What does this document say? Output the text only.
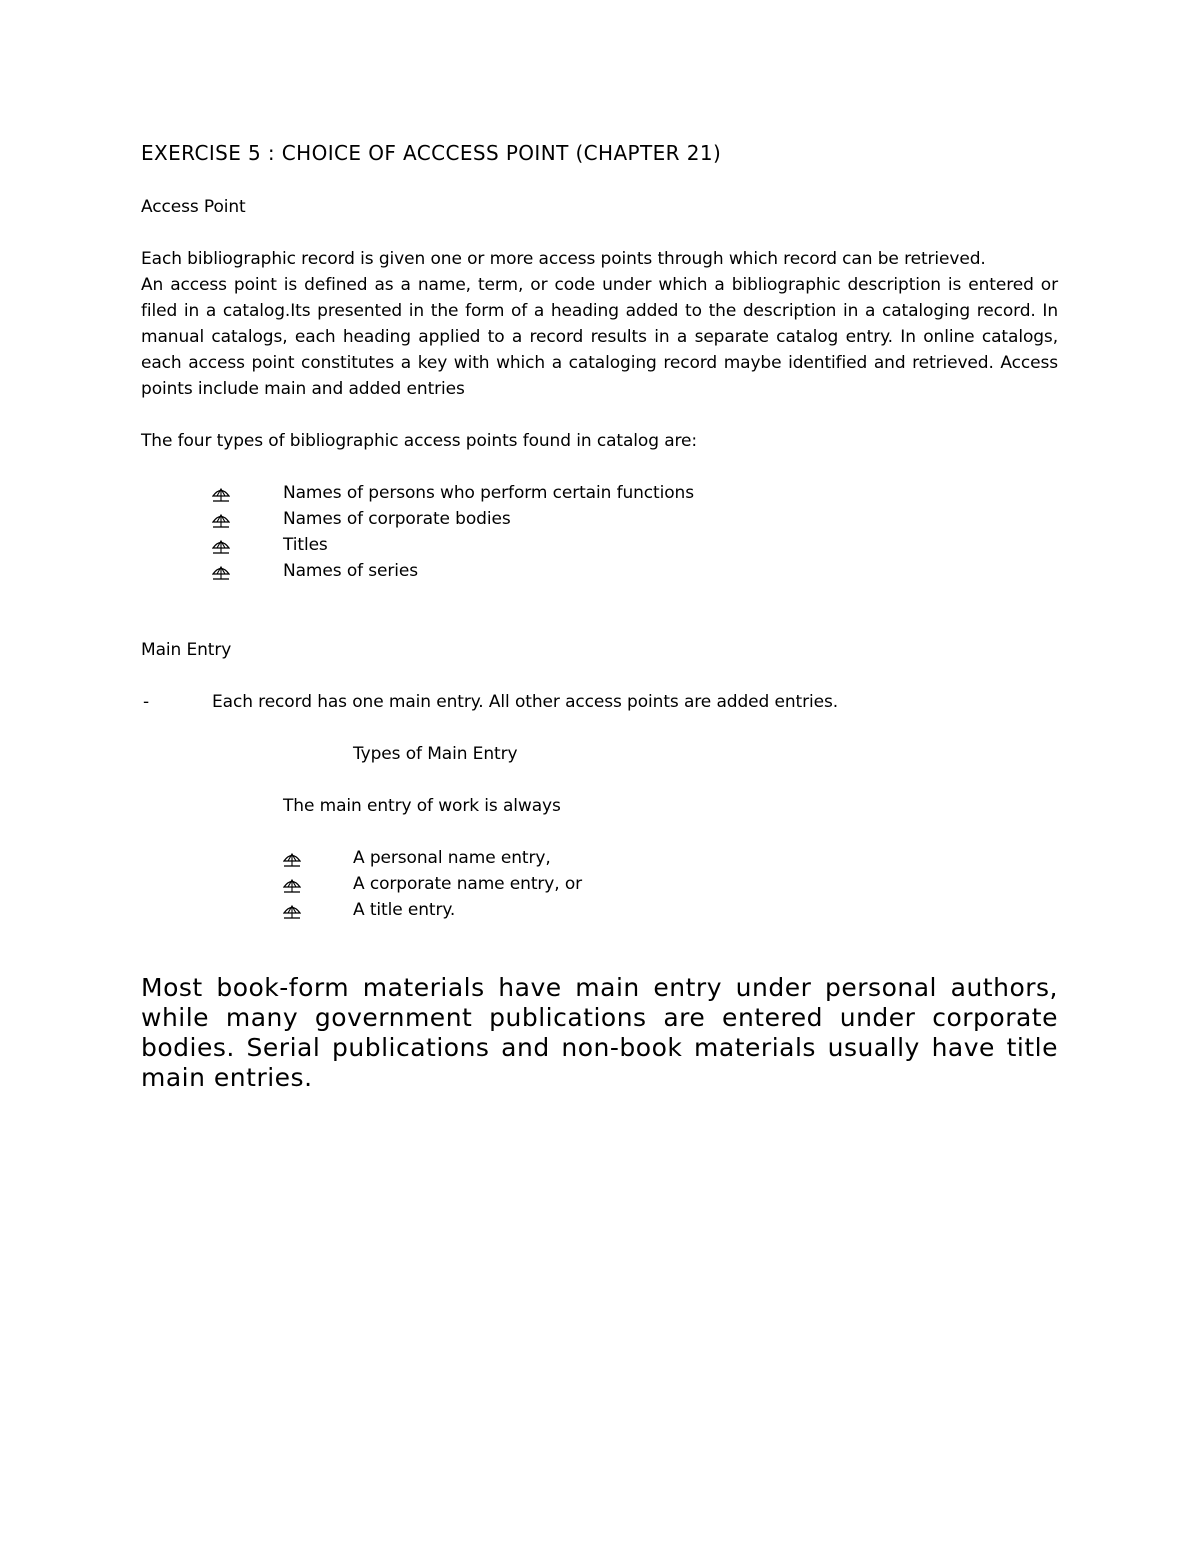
EXERCISE 5 : CHOICE OF ACCCESS POINT (CHAPTER 21)
Access Point
Each bibliographic record is given one or more access points through which record can be retrieved.

An access point is defined as a name, term, or code under which a bibliographic description is entered or filed in a catalog.Its presented in the form of a heading added to the description in a cataloging record. In manual catalogs, each heading applied to a record results in a separate catalog entry. In online catalogs, each access point constitutes a key with which a cataloging record maybe identified and retrieved. Access points include main and added entries

The four types of bibliographic access points found in catalog are:
Names of persons who perform certain functions
Names of corporate bodies
Titles
Names of series
Main Entry
-	Each record has one main entry. All other access points are added entries.
Types of Main Entry
The main entry of work is always
A personal name entry,
A corporate name entry, or
A title entry.

Most book-form materials have main entry under personal authors, while many government publications are entered under corporate bodies. Serial publications and non-book materials usually have title main entries.
